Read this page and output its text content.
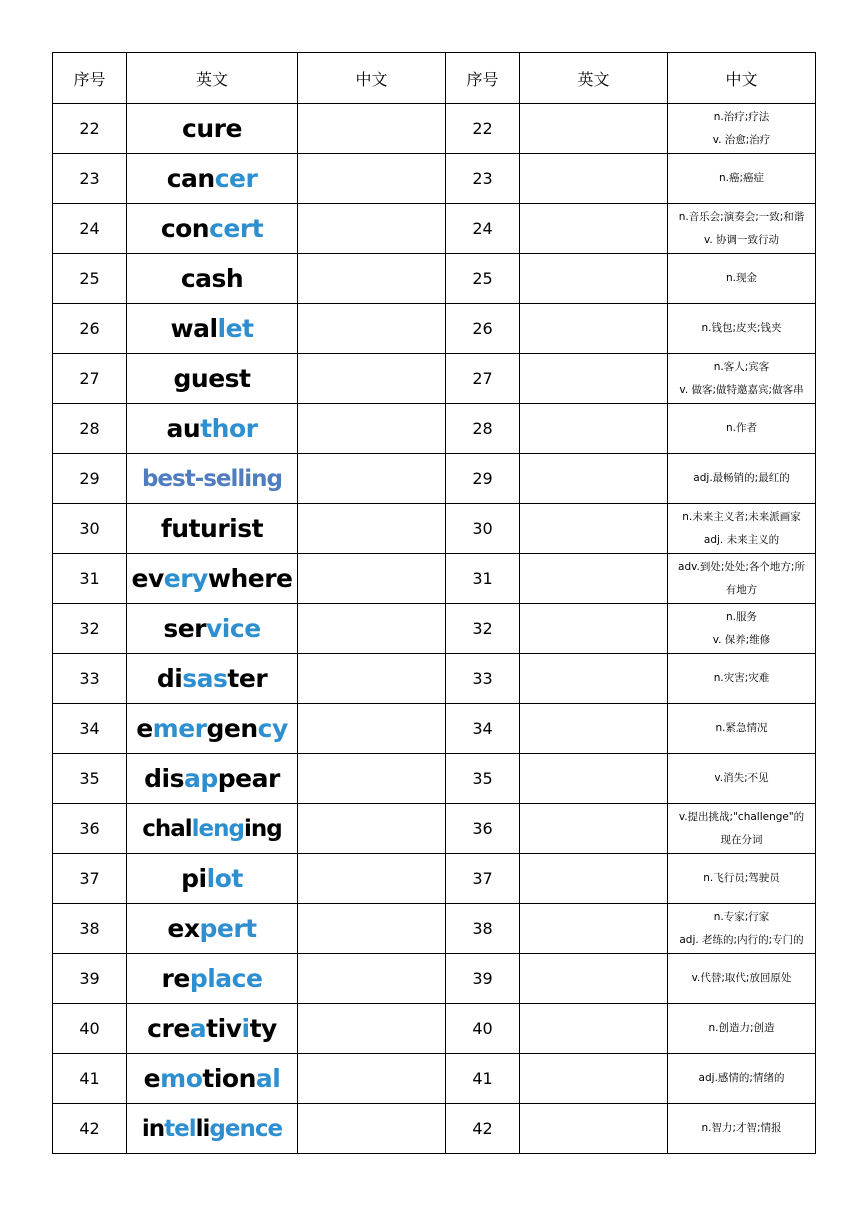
序号	英文	中文	序号	英文	中文
22	cure		22		n.治疗;疗法
v. 治愈;治疗

23	cancer		23		n.癌;癌症

24	concert		24		n.音乐会;演奏会;一致;和谐
v. 协调一致行动

25	cash		25		n.现金

26	wallet		26		n.钱包;皮夹;钱夹

27	guest		27		n.客人;宾客
v. 做客;做特邀嘉宾;做客串

28	author		28		n.作者

29	best-selling		29		adj.最畅销的;最红的

30	futurist		30		n.未来主义者;未来派画家
adj. 未来主义的

31	everywhere		31		adv.到处;处处;各个地方;所
有地方

32	service		32		n.服务
v. 保养;维修

33	disaster		33		n.灾害;灾难

34	emergency		34		n.紧急情况

35	disappear		35		v.消失;不见

36	challenging		36		v.提出挑战;"challenge"的
现在分词

37	pilot		37		n.飞行员;驾驶员

38	expert		38		n.专家;行家
adj. 老练的;内行的;专门的

39	replace		39		v.代替;取代;放回原处

40	creativity		40		n.创造力;创造

41	emotional		41		adj.感情的;情绪的

42	intelligence		42		n.智力;才智;情报
